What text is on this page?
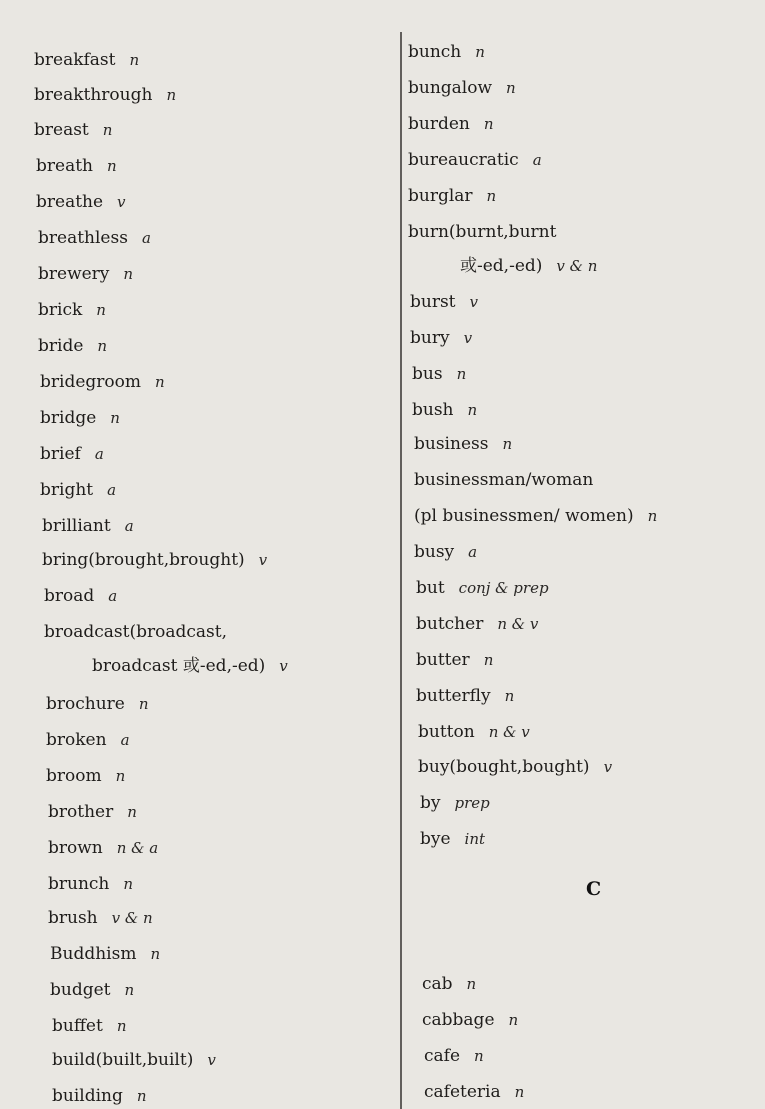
breakfast n
breakthrough n
breast n
breath n
breathe v
breathless a
brewery n
brick n
bride n
bridegroom n
bridge n
brief a
bright a
brilliant a
bring(brought,brought) v
broad a
broadcast(broadcast,
broadcast 或-ed,-ed) v
brochure n
broken a
broom n
brother n
brown n & a
brunch n
brush v & n
Buddhism n
budget n
buffet n
build(built,built) v
building n
bunch n
bungalow n
burden n
bureaucratic a
burglar n
burn(burnt,burnt
或-ed,-ed) v & n
burst v
bury v
bus n
bush n
business n
businessman/woman
(pl businessmen/ women) n
busy a
but conj & prep
butcher n & v
butter n
butterfly n
button n & v
buy(bought,bought) v
by prep
bye int
C
cab n
cabbage n
cafe n
cafeteria n
